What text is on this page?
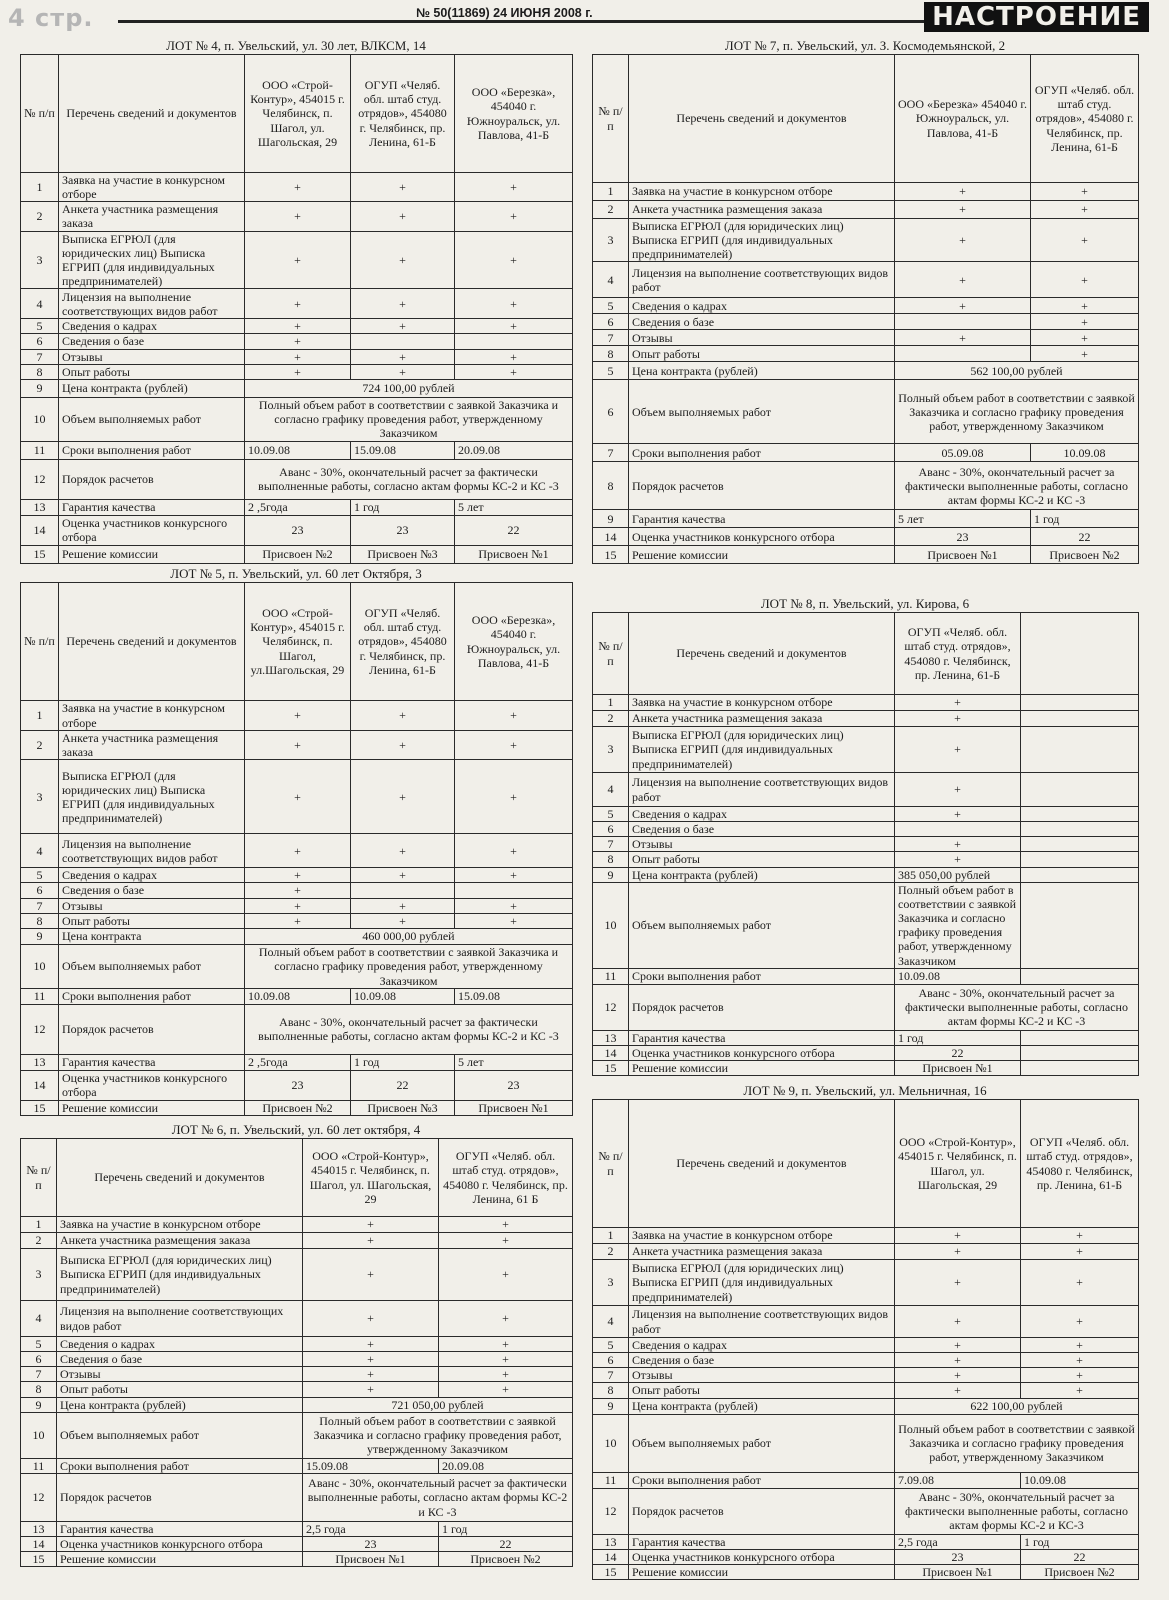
4 стр.	№ 50(11869) 24 ИЮНЯ 2008 г.	НАСТРОЕНИЕ
ЛОТ № 4, п. Увельский, ул. 30 лет, ВЛКСМ, 14
№ п/п	Перечень сведений и документов	ООО «Строй-Контур», 454015 г. Челябинск, п. Шагол, ул. Шагольская, 29	ОГУП «Челяб. обл. штаб студ. отрядов», 454080 г. Челябинск, пр. Ленина, 61-Б	ООО «Березка», 454040 г. Южноуральск, ул. Павлова, 41-Б
1	Заявка на участие в конкурсном отборе	+	+	+
2	Анкета участника размещения заказа	+	+	+
3	Выписка ЕГРЮЛ (для юридических лиц) Выписка ЕГРИП (для индивидуальных предпринимателей)	+	+	+
4	Лицензия на выполнение соответствующих видов работ	+	+	+
5	Сведения о кадрах	+	+	+
6	Сведения о базе	+		
7	Отзывы	+	+	+
8	Опыт работы	+	+	+
9	Цена контракта (рублей)	724 100,00 рублей		
10	Объем выполняемых работ	Полный объем работ в соответствии с заявкой Заказчика и согласно графику проведения работ, утвержденному Заказчиком		
11	Сроки выполнения работ	10.09.08	15.09.08	20.09.08
12	Порядок расчетов	Аванс - 30%, окончательный расчет за фактически выполненные работы, согласно актам формы КС-2 и КС -3		
13	Гарантия качества	2 ,5года	1 год	5 лет
14	Оценка участников конкурсного отбора	23	23	22
15	Решение комиссии	Присвоен №2	Присвоен №3	Присвоен №1
ЛОТ № 5, п. Увельский, ул. 60 лет Октября, 3
№ п/п	Перечень сведений и документов	ООО «Строй-Контур», 454015 г. Челябинск, п. Шагол, ул.Шагольская, 29	ОГУП «Челяб. обл. штаб студ. отрядов», 454080 г. Челябинск, пр. Ленина, 61-Б	ООО «Березка», 454040 г. Южноуральск, ул. Павлова, 41-Б
1	Заявка на участие в конкурсном отборе	+	+	+
2	Анкета участника размещения заказа	+	+	+
3	Выписка ЕГРЮЛ (для юридических лиц) Выписка ЕГРИП (для индивидуальных предпринимателей)	+	+	+
4	Лицензия на выполнение соответствующих видов работ	+	+	+
5	Сведения о кадрах	+	+	+
6	Сведения о базе	+		
7	Отзывы	+	+	+
8	Опыт работы	+	+	+
9	Цена контракта	460 000,00 рублей		
10	Объем выполняемых работ	Полный объем работ в соответствии с заявкой Заказчика и согласно графику проведения работ, утвержденному Заказчиком		
11	Сроки выполнения работ	10.09.08	10.09.08	15.09.08
12	Порядок расчетов	Аванс - 30%, окончательный расчет за фактически выполненные работы, согласно актам формы КС-2 и КС -3		
13	Гарантия качества	2 ,5года	1 год	5 лет
14	Оценка участников конкурсного отбора	23	22	23
15	Решение комиссии	Присвоен №2	Присвоен №3	Присвоен №1
ЛОТ № 6, п. Увельский, ул. 60 лет октября, 4
№ п/п	Перечень сведений и документов	ООО «Строй-Контур», 454015 г. Челябинск, п. Шагол, ул. Шагольская, 29	ОГУП «Челяб. обл. штаб студ. отрядов», 454080 г. Челябинск, пр. Ленина, 61 Б
1	Заявка на участие в конкурсном отборе	+	+
2	Анкета участника размещения заказа	+	+
3	Выписка ЕГРЮЛ (для юридических лиц) Выписка ЕГРИП (для индивидуальных предпринимателей)	+	+
4	Лицензия на выполнение соответствующих видов работ	+	+
5	Сведения о кадрах	+	+
6	Сведения о базе	+	+
7	Отзывы	+	+
8	Опыт работы	+	+
9	Цена контракта (рублей)	721 050,00 рублей	
10	Объем выполняемых работ	Полный объем работ в соответствии с заявкой Заказчика и согласно графику проведения работ, утвержденному Заказчиком	
11	Сроки выполнения работ	15.09.08	20.09.08
12	Порядок расчетов	Аванс - 30%, окончательный расчет за фактически выполненные работы, согласно актам формы КС-2 и КС -3	
13	Гарантия качества	2,5 года	1 год
14	Оценка участников конкурсного отбора	23	22
15	Решение комиссии	Присвоен №1	Присвоен №2
ЛОТ № 7, п. Увельский, ул. З. Космодемьянской, 2
№ п/п	Перечень сведений и документов	ООО «Березка» 454040 г. Южноуральск, ул. Павлова, 41-Б	ОГУП «Челяб. обл. штаб студ. отрядов», 454080 г. Челябинск, пр. Ленина, 61-Б
1	Заявка на участие в конкурсном отборе	+	+
2	Анкета участника размещения заказа	+	+
3	Выписка ЕГРЮЛ (для юридических лиц) Выписка ЕГРИП (для индивидуальных предпринимателей)	+	+
4	Лицензия на выполнение соответствующих видов работ	+	+
5	Сведения о кадрах	+	+
6	Сведения о базе		+
7	Отзывы	+	+
8	Опыт работы		+
5	Цена контракта (рублей)	562 100,00 рублей	
6	Объем выполняемых работ	Полный объем работ в соответствии с заявкой Заказчика и согласно графику проведения работ, утвержденному Заказчиком	
7	Сроки выполнения работ	05.09.08	10.09.08
8	Порядок расчетов	Аванс - 30%, окончательный расчет за фактически выполненные работы, согласно актам формы КС-2 и КС -3	
9	Гарантия качества	5 лет	1 год
14	Оценка участников конкурсного отбора	23	22
15	Решение комиссии	Присвоен №1	Присвоен №2
ЛОТ № 8, п. Увельский, ул. Кирова, 6
№ п/п	Перечень сведений и документов	ОГУП «Челяб. обл. штаб студ. отрядов», 454080 г. Челябинск, пр. Ленина, 61-Б	
1	Заявка на участие в конкурсном отборе	+	
2	Анкета участника размещения заказа	+	
3	Выписка ЕГРЮЛ (для юридических лиц) Выписка ЕГРИП (для индивидуальных предпринимателей)	+	
4	Лицензия на выполнение соответствующих видов работ	+	
5	Сведения о кадрах	+	
6	Сведения о базе		
7	Отзывы	+	
8	Опыт работы	+	
9	Цена контракта (рублей)	385 050,00 рублей	
10	Объем выполняемых работ	Полный объем работ в соответствии с заявкой Заказчика и согласно графику проведения работ, утвержденному Заказчиком	
11	Сроки выполнения работ	10.09.08	
12	Порядок расчетов	Аванс - 30%, окончательный расчет за фактически выполненные работы, согласно актам формы КС-2 и КС -3	
13	Гарантия качества	1 год	
14	Оценка участников конкурсного отбора	22	
15	Решение комиссии	Присвоен №1	
ЛОТ № 9, п. Увельский, ул. Мельничная, 16
№ п/п	Перечень сведений и документов	ООО «Строй-Контур», 454015 г. Челябинск, п. Шагол, ул. Шагольская, 29	ОГУП «Челяб. обл. штаб студ. отрядов», 454080 г. Челябинск, пр. Ленина, 61-Б
1	Заявка на участие в конкурсном отборе	+	+
2	Анкета участника размещения заказа	+	+
3	Выписка ЕГРЮЛ (для юридических лиц) Выписка ЕГРИП (для индивидуальных предпринимателей)	+	+
4	Лицензия на выполнение соответствующих видов работ	+	+
5	Сведения о кадрах	+	+
6	Сведения о базе	+	+
7	Отзывы	+	+
8	Опыт работы	+	+
9	Цена контракта (рублей)	622 100,00 рублей	
10	Объем выполняемых работ	Полный объем работ в соответствии с заявкой Заказчика и согласно графику проведения работ, утвержденному Заказчиком	
11	Сроки выполнения работ	7.09.08	10.09.08
12	Порядок расчетов	Аванс - 30%, окончательный расчет за фактически выполненные работы, согласно актам формы КС-2 и КС-3	
13	Гарантия качества	2,5 года	1 год
14	Оценка участников конкурсного отбора	23	22
15	Решение комиссии	Присвоен №1	Присвоен №2
